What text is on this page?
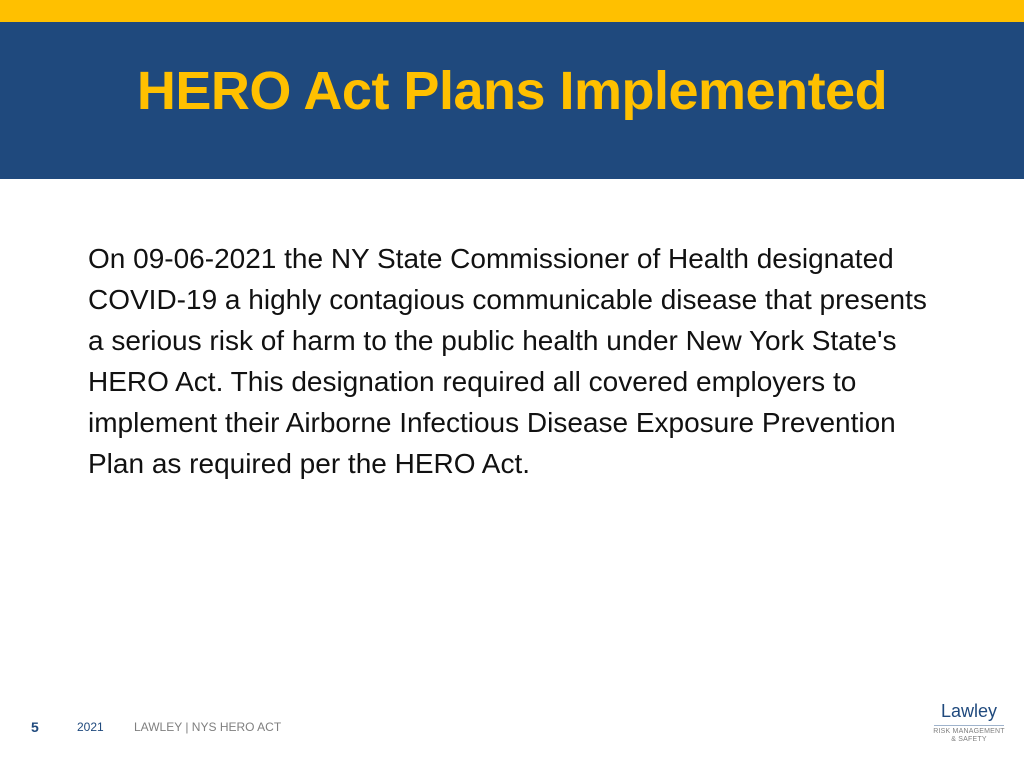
HERO Act Plans Implemented

On 09-06-2021 the NY State Commissioner of Health designated COVID-19 a highly contagious communicable disease that presents a serious risk of harm to the public health under New York State's HERO Act. This designation required all covered employers to implement their Airborne Infectious Disease Exposure Prevention Plan as required per the HERO Act.

5	2021	LAWLEY | NYS HERO ACT
Lawley
RISK MANAGEMENT
& SAFETY
